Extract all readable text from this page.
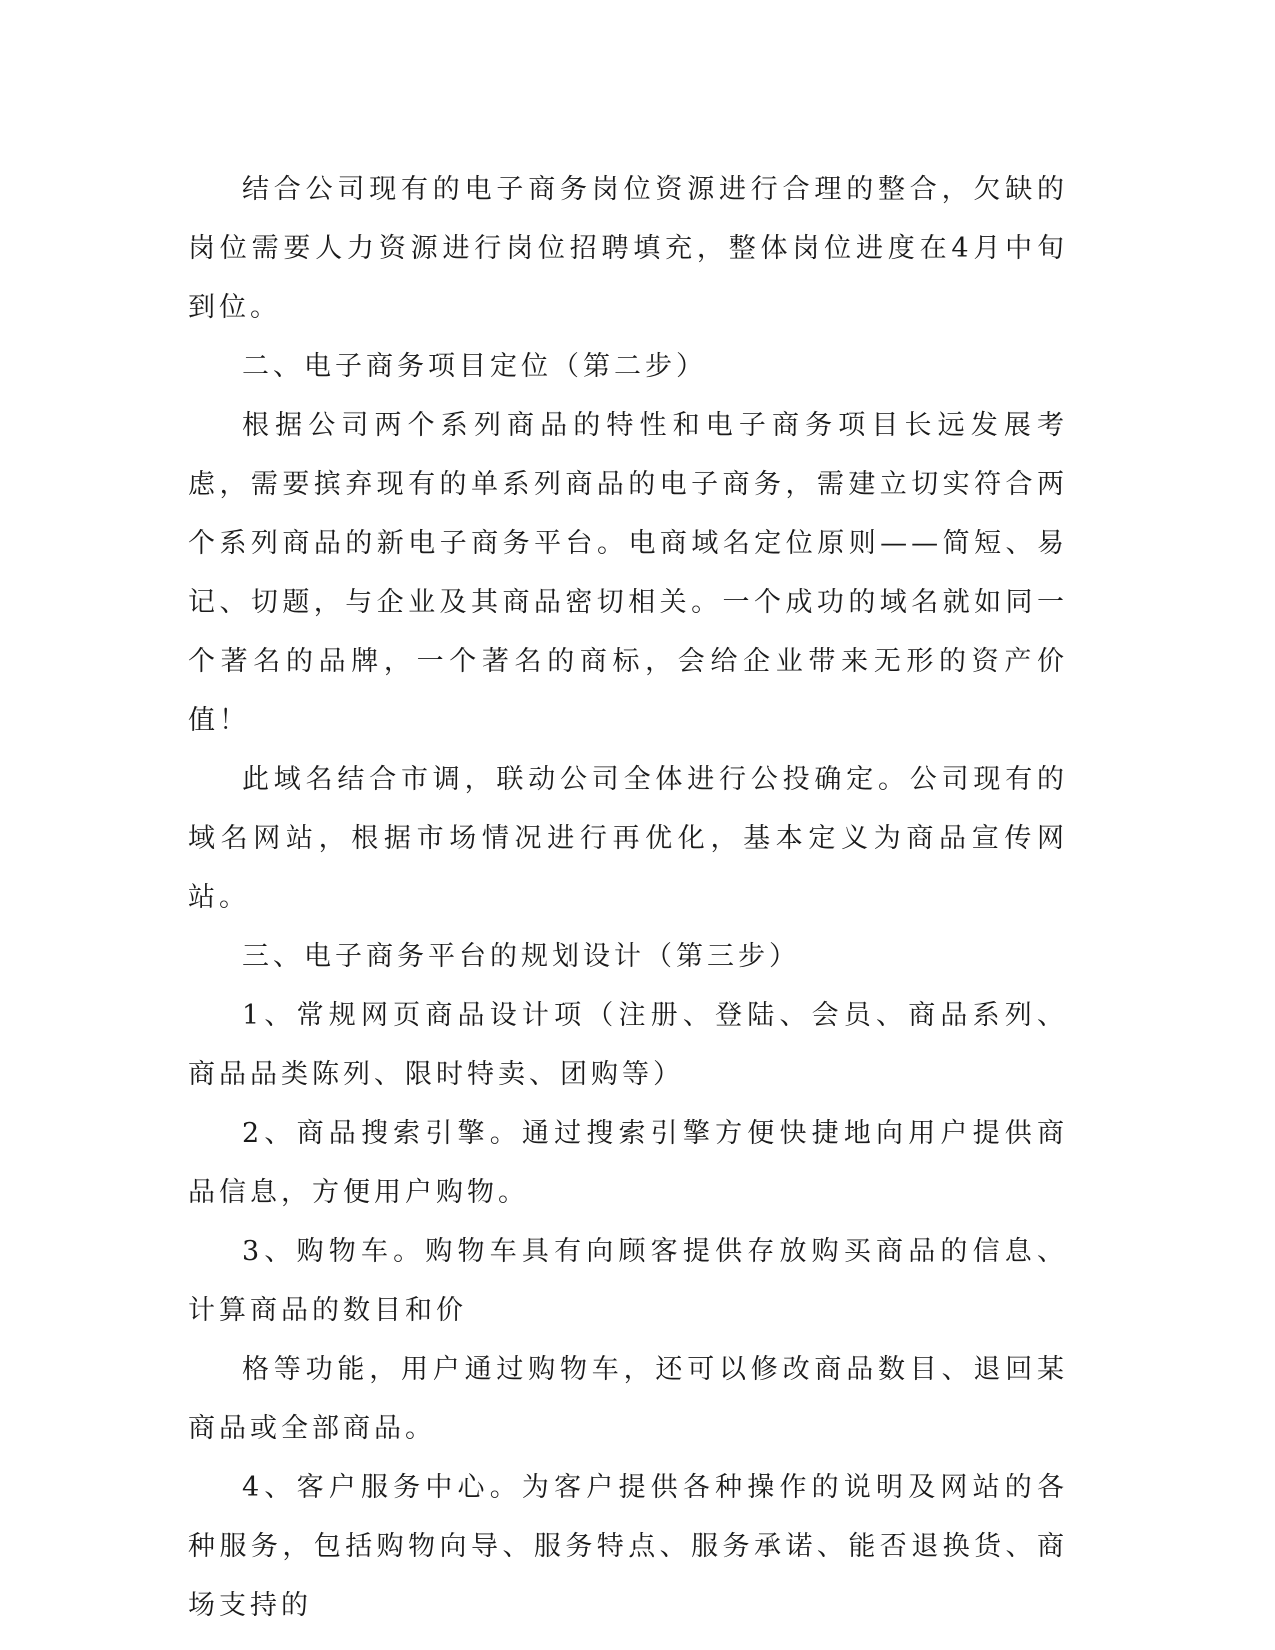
结合公司现有的电子商务岗位资源进行合理的整合，欠缺的岗位需要人力资源进行岗位招聘填充，整体岗位进度在4月中旬到位。

二、电子商务项目定位（第二步）

根据公司两个系列商品的特性和电子商务项目长远发展考虑，需要摈弃现有的单系列商品的电子商务，需建立切实符合两个系列商品的新电子商务平台。电商域名定位原则——简短、易记、切题，与企业及其商品密切相关。一个成功的域名就如同一个著名的品牌，一个著名的商标，会给企业带来无形的资产价值！

此域名结合市调，联动公司全体进行公投确定。公司现有的域名网站，根据市场情况进行再优化，基本定义为商品宣传网站。

三、电子商务平台的规划设计（第三步）

1、常规网页商品设计项（注册、登陆、会员、商品系列、商品品类陈列、限时特卖、团购等）

2、商品搜索引擎。通过搜索引擎方便快捷地向用户提供商品信息，方便用户购物。

3、购物车。购物车具有向顾客提供存放购买商品的信息、计算商品的数目和价

格等功能，用户通过购物车，还可以修改商品数目、退回某商品或全部商品。

4、客户服务中心。为客户提供各种操作的说明及网站的各种服务，包括购物向导、服务特点、服务承诺、能否退换货、商场支持的
